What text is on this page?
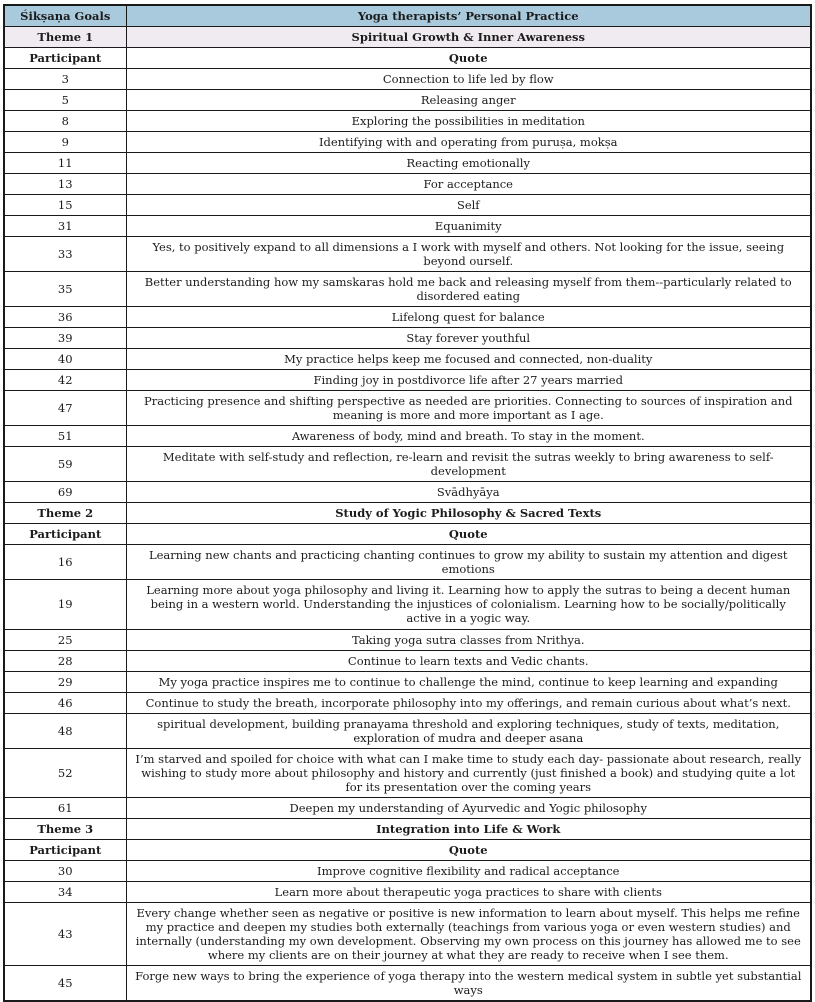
Śikṣaṇa Goals	Yoga therapists’ Personal Practice
Theme 1	Spiritual Growth & Inner Awareness
Participant	Quote
3	Connection to life led by flow
5	Releasing anger
8	Exploring the possibilities in meditation
9	Identifying with and operating from puruṣa, mokṣa
11	Reacting emotionally
13	For acceptance
15	Self
31	Equanimity
33	Yes, to positively expand to all dimensions a I work with myself and others. Not looking for the issue, seeing beyond ourself.
35	Better understanding how my samskaras hold me back and releasing myself from them--particularly related to disordered eating
36	Lifelong quest for balance
39	Stay forever youthful
40	My practice helps keep me focused and connected, non-duality
42	Finding joy in postdivorce life after 27 years married
47	Practicing presence and shifting perspective as needed are priorities. Connecting to sources of inspiration and meaning is more and more important as I age.
51	Awareness of body, mind and breath. To stay in the moment.
59	Meditate with self-study and reflection, re-learn and revisit the sutras weekly to bring awareness to self-development
69	Svādhyāya
Theme 2	Study of Yogic Philosophy & Sacred Texts
Participant	Quote
16	Learning new chants and practicing chanting continues to grow my ability to sustain my attention and digest emotions
19	Learning more about yoga philosophy and living it. Learning how to apply the sutras to being a decent human being in a western world. Understanding the injustices of colonialism. Learning how to be socially/politically active in a yogic way.
25	Taking yoga sutra classes from Nrithya.
28	Continue to learn texts and Vedic chants.
29	My yoga practice inspires me to continue to challenge the mind, continue to keep learning and expanding
46	Continue to study the breath, incorporate philosophy into my offerings, and remain curious about what’s next.
48	spiritual development, building pranayama threshold and exploring techniques, study of texts, meditation, exploration of mudra and deeper asana
52	I’m starved and spoiled for choice with what can I make time to study each day- passionate about research, really wishing to study more about philosophy and history and currently (just finished a book) and studying quite a lot for its presentation over the coming years
61	Deepen my understanding of Ayurvedic and Yogic philosophy
Theme 3	Integration into Life & Work
Participant	Quote
30	Improve cognitive flexibility and radical acceptance
34	Learn more about therapeutic yoga practices to share with clients
43	Every change whether seen as negative or positive is new information to learn about myself. This helps me refine my practice and deepen my studies both externally (teachings from various yoga or even western studies) and internally (understanding my own development. Observing my own process on this journey has allowed me to see where my clients are on their journey at what they are ready to receive when I see them.
45	Forge new ways to bring the experience of yoga therapy into the western medical system in subtle yet substantial ways
